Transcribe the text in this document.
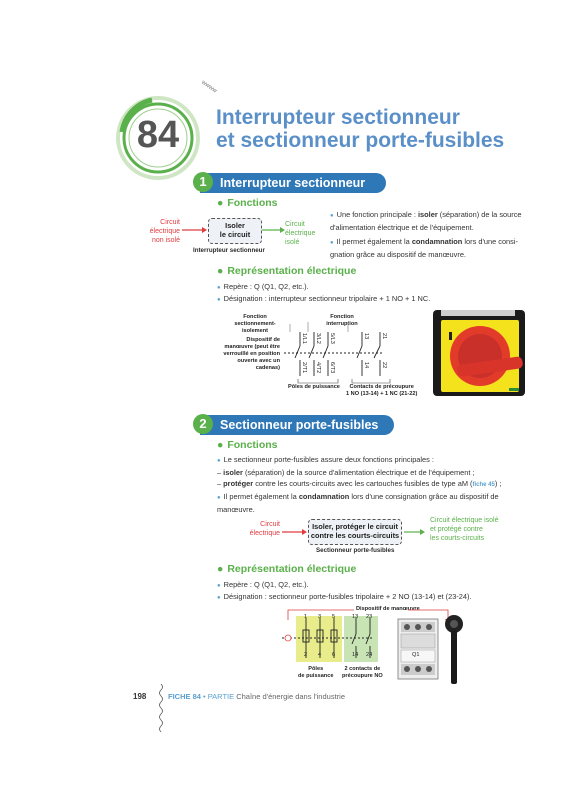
84
wwww
Interrupteur sectionneur
et sectionneur porte-fusibles
Interrupteur sectionneur
1
● Fonctions
Circuit
électrique
non isolé
Isoler
le circuit
Interrupteur sectionneur
Circuit
électrique
isolé
● Une fonction principale : isoler (séparation) de la source
d'alimentation électrique et de l'équipement.
● Il permet également la condamnation lors d'une consi-
gnation grâce au dispositif de manœuvre.
● Représentation électrique
● Repère : Q (Q1, Q2, etc.).
● Désignation : interrupteur sectionneur tripolaire + 1 NO + 1 NC.
Fonction sectionnement-
isolement
Fonction
interruption
Dispositif de
manœuvre (peut être
verrouillé en position
ouverte avec un cadenas)
1/L1 3/L2 5/L3	13 21
2/T1 4/T2 6/T3	14 22
Pôles de puissance	Contacts de précoupure
1 NO (13-14) + 1 NC (21-22)
Sectionneur porte-fusibles
2
● Fonctions
● Le sectionneur porte-fusibles assure deux fonctions principales :
– isoler (séparation) de la source d'alimentation électrique et de l'équipement ;
– protéger contre les courts-circuits avec les cartouches fusibles de type aM (fiche 45) ;
● Il permet également la condamnation lors d'une consignation grâce au dispositif de
manœuvre.
Circuit
électrique
Isoler, protéger le circuit
contre les courts-circuits
Sectionneur porte-fusibles
Circuit électrique isolé
et protégé contre
les courts-circuits
● Représentation électrique
● Repère : Q (Q1, Q2, etc.).
● Désignation : sectionneur porte-fusibles tripolaire + 2 NO (13-14) et (23-24).
Dispositif de manœuvre
1 3 5	13 23
2 4 6	14 24
Pôles
de puissance
2 contacts de
précoupure NO
Q1
198	FICHE 84 • PARTIE Chaîne d'énergie dans l'industrie
